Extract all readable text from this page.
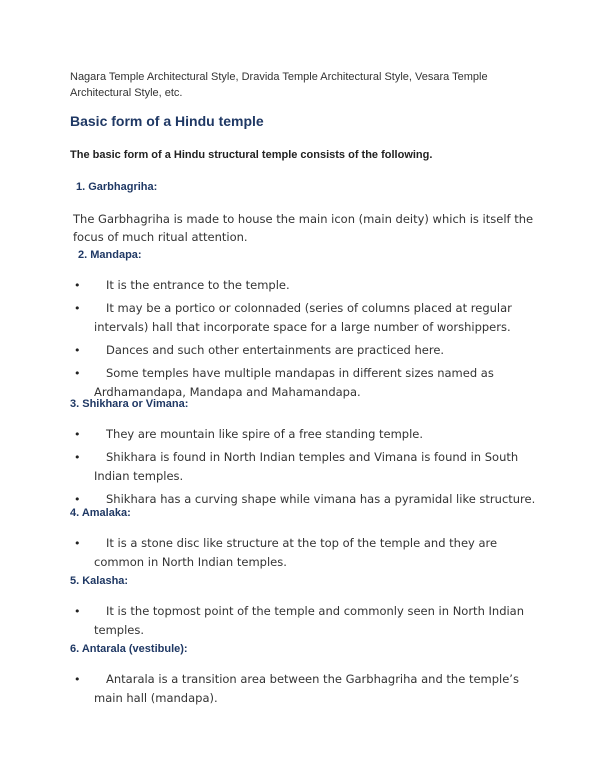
Nagara Temple Architectural Style, Dravida Temple Architectural Style, Vesara Temple Architectural Style, etc.
Basic form of a Hindu temple
The basic form of a Hindu structural temple consists of the following.
1. Garbhagriha:
The Garbhagriha is made to house the main icon (main deity) which is itself the focus of much ritual attention.
2. Mandapa:
•	It is the entrance to the temple.
•	It may be a portico or colonnaded (series of columns placed at regular intervals) hall that incorporate space for a large number of worshippers.
•	Dances and such other entertainments are practiced here.
•	Some temples have multiple mandapas in different sizes named as Ardhamandapa, Mandapa and Mahamandapa.
3. Shikhara or Vimana:
•	They are mountain like spire of a free standing temple.
•	Shikhara is found in North Indian temples and Vimana is found in South Indian temples.
•	Shikhara has a curving shape while vimana has a pyramidal like structure.
4. Amalaka:
•	It is a stone disc like structure at the top of the temple and they are common in North Indian temples.
5. Kalasha:
•	It is the topmost point of the temple and commonly seen in North Indian temples.
6. Antarala (vestibule):
•	Antarala is a transition area between the Garbhagriha and the temple’s main hall (mandapa).
